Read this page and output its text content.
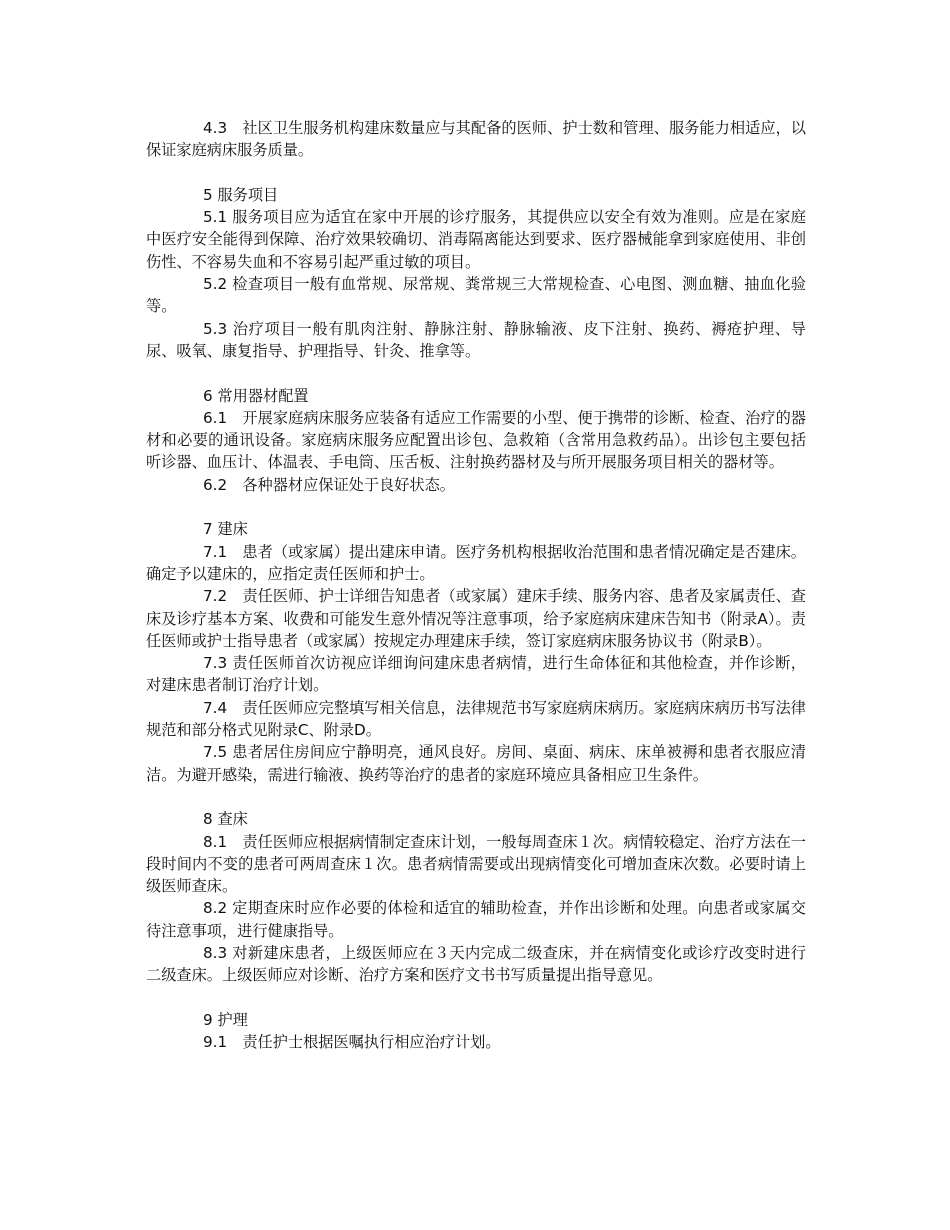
4.3　社区卫生服务机构建床数量应与其配备的医师、护士数和管理、服务能力相适应，以保证家庭病床服务质量。

5 服务项目

5.1 服务项目应为适宜在家中开展的诊疗服务，其提供应以安全有效为准则。应是在家庭中医疗安全能得到保障、治疗效果较确切、消毒隔离能达到要求、医疗器械能拿到家庭使用、非创伤性、不容易失血和不容易引起严重过敏的项目。

5.2 检查项目一般有血常规、尿常规、粪常规三大常规检查、心电图、测血糖、抽血化验等。

5.3 治疗项目一般有肌肉注射、静脉注射、静脉输液、皮下注射、换药、褥疮护理、导尿、吸氧、康复指导、护理指导、针灸、推拿等。

6 常用器材配置

6.1　开展家庭病床服务应装备有适应工作需要的小型、便于携带的诊断、检查、治疗的器材和必要的通讯设备。家庭病床服务应配置出诊包、急救箱（含常用急救药品）。出诊包主要包括听诊器、血压计、体温表、手电筒、压舌板、注射换药器材及与所开展服务项目相关的器材等。

6.2　各种器材应保证处于良好状态。

7 建床

7.1　患者（或家属）提出建床申请。医疗务机构根据收治范围和患者情况确定是否建床。确定予以建床的，应指定责任医师和护士。

7.2　责任医师、护士详细告知患者（或家属）建床手续、服务内容、患者及家属责任、查床及诊疗基本方案、收费和可能发生意外情况等注意事项，给予家庭病床建床告知书（附录A）。责任医师或护士指导患者（或家属）按规定办理建床手续，签订家庭病床服务协议书（附录B）。

7.3 责任医师首次访视应详细询问建床患者病情，进行生命体征和其他检查，并作诊断，对建床患者制订治疗计划。

7.4　责任医师应完整填写相关信息，法律规范书写家庭病床病历。家庭病床病历书写法律规范和部分格式见附录C、附录D。

7.5 患者居住房间应宁静明亮，通风良好。房间、桌面、病床、床单被褥和患者衣服应清洁。为避开感染，需进行输液、换药等治疗的患者的家庭环境应具备相应卫生条件。

8 查床

8.1　责任医师应根据病情制定查床计划，一般每周查床１次。病情较稳定、治疗方法在一段时间内不变的患者可两周查床１次。患者病情需要或出现病情变化可增加查床次数。必要时请上级医师查床。

8.2 定期查床时应作必要的体检和适宜的辅助检查，并作出诊断和处理。向患者或家属交待注意事项，进行健康指导。

8.3 对新建床患者，上级医师应在３天内完成二级查床，并在病情变化或诊疗改变时进行二级查床。上级医师应对诊断、治疗方案和医疗文书书写质量提出指导意见。

9 护理

9.1　责任护士根据医嘱执行相应治疗计划。
